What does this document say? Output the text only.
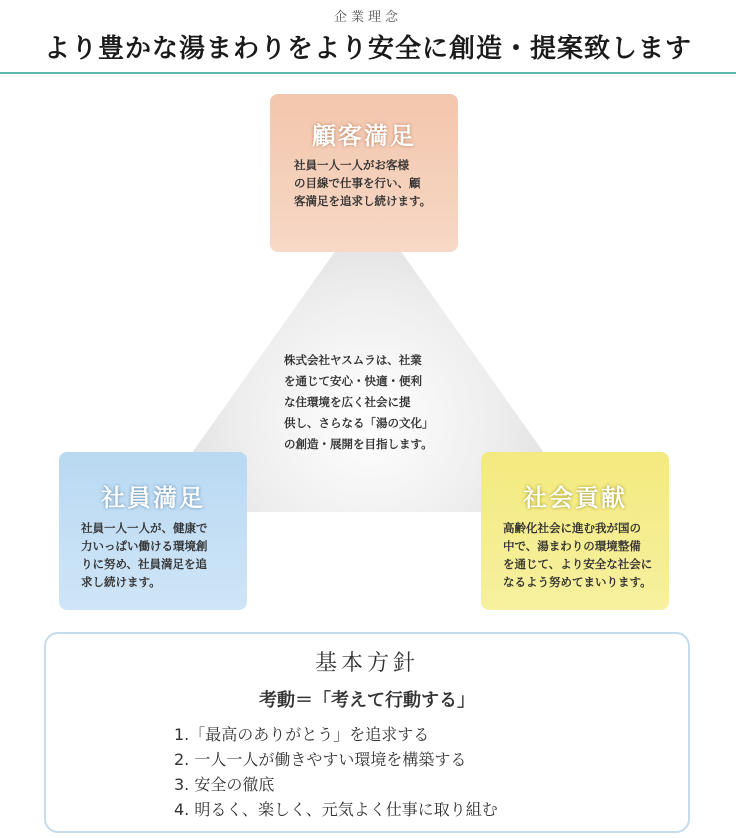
企業理念
より豊かな湯まわりをより安全に創造・提案致します
顧客満足
社員一人一人がお客様
の目線で仕事を行い、顧
客満足を追求し続けます。
株式会社ヤスムラは、社業
を通じて安心・快適・便利
な住環境を広く社会に提
供し、さらなる「湯の文化」
の創造・展開を目指します。
社員満足
社員一人一人が、健康で
力いっぱい働ける環境創
りに努め、社員満足を追
求し続けます。
社会貢献
高齢化社会に進む我が国の
中で、湯まわりの環境整備
を通じて、より安全な社会に
なるよう努めてまいります。
基本方針
考動＝「考えて行動する」
1.「最高のありがとう」を追求する
2. 一人一人が働きやすい環境を構築する
3. 安全の徹底
4. 明るく、楽しく、元気よく仕事に取り組む
